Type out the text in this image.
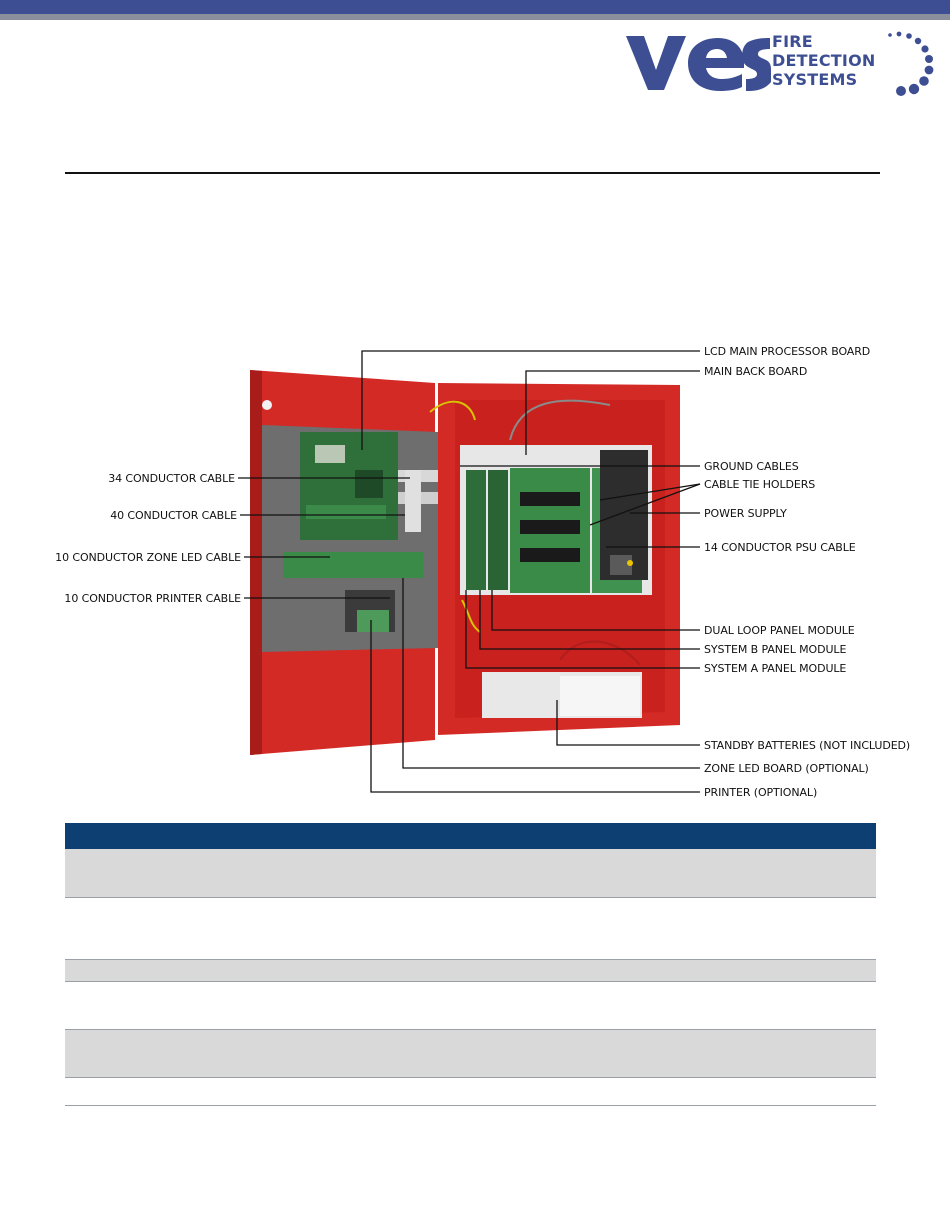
FIRE
DETECTION
SYSTEMS
LCD MAIN PROCESSOR BOARD
MAIN BACK BOARD
GROUND CABLES
CABLE TIE HOLDERS
POWER SUPPLY
14 CONDUCTOR PSU CABLE
DUAL LOOP PANEL MODULE
SYSTEM B PANEL MODULE
SYSTEM A PANEL MODULE
STANDBY BATTERIES (NOT INCLUDED)
ZONE LED BOARD (OPTIONAL)
PRINTER (OPTIONAL)
34 CONDUCTOR CABLE
40 CONDUCTOR CABLE
10 CONDUCTOR ZONE LED CABLE
10 CONDUCTOR PRINTER CABLE
